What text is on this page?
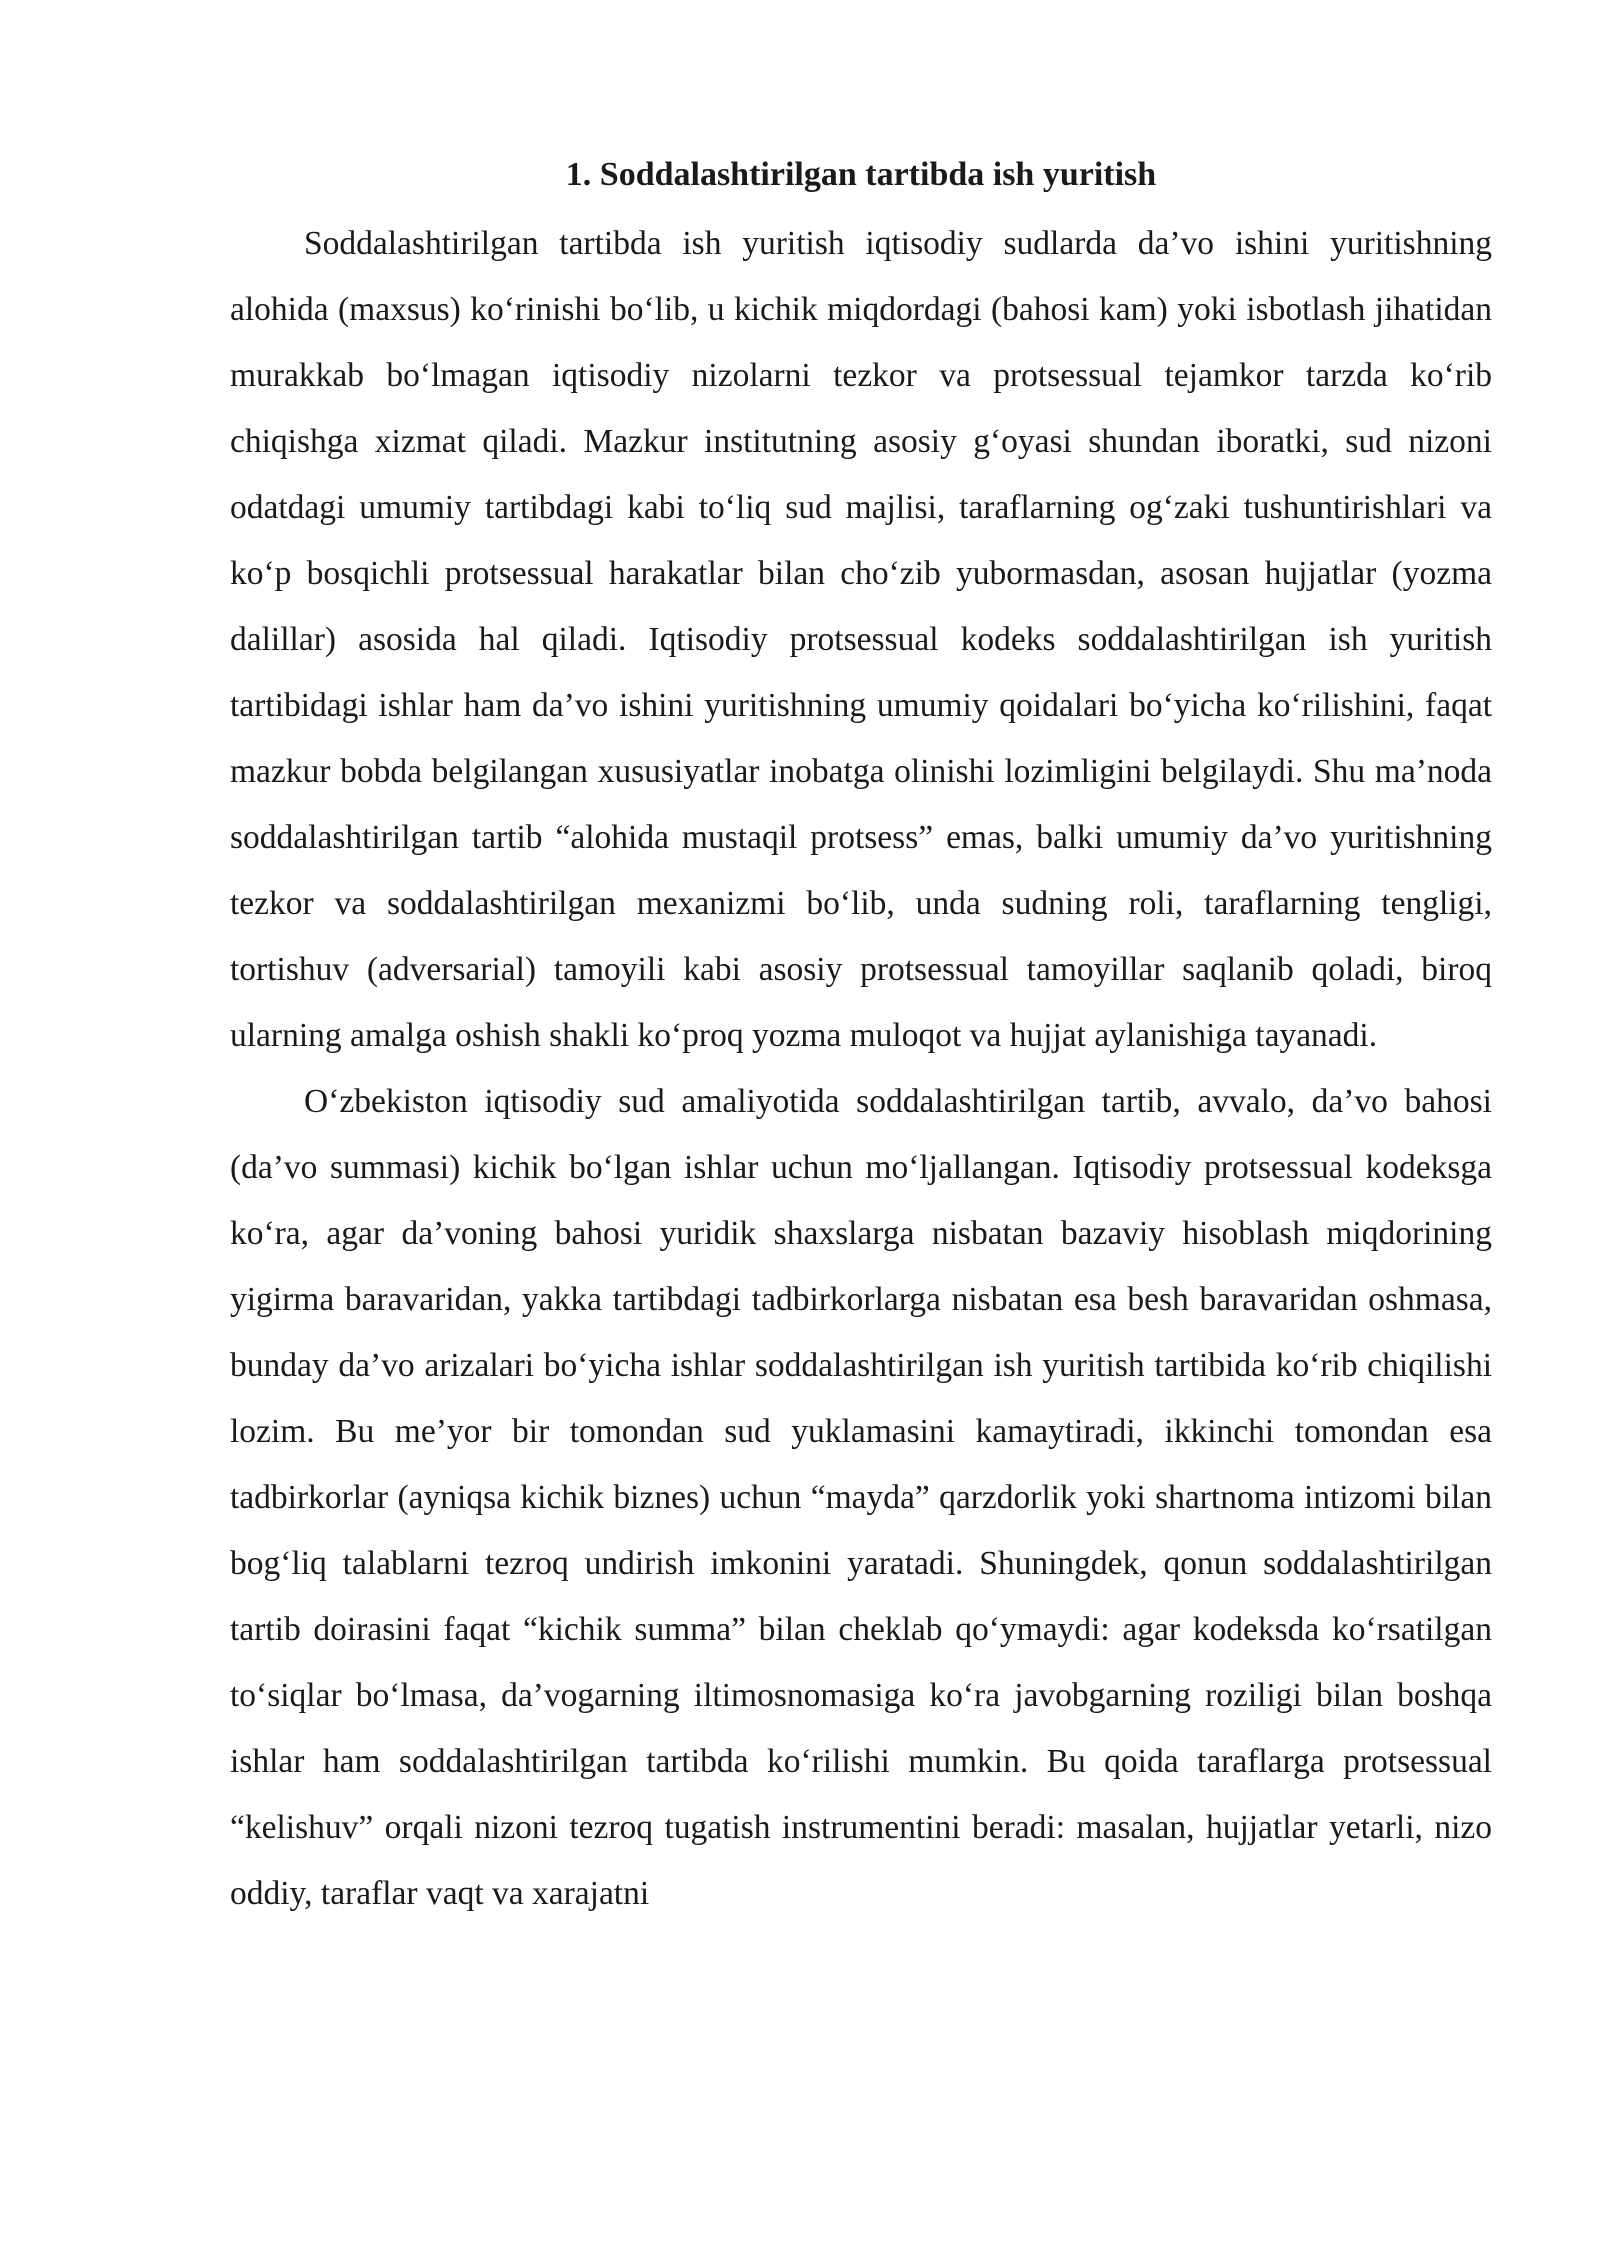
1. Soddalashtirilgan tartibda ish yuritish

Soddalashtirilgan tartibda ish yuritish iqtisodiy sudlarda da’vo ishini yuritishning alohida (maxsus) ko‘rinishi bo‘lib, u kichik miqdordagi (bahosi kam) yoki isbotlash jihatidan murakkab bo‘lmagan iqtisodiy nizolarni tezkor va protsessual tejamkor tarzda ko‘rib chiqishga xizmat qiladi. Mazkur institutning asosiy g‘oyasi shundan iboratki, sud nizoni odatdagi umumiy tartibdagi kabi to‘liq sud majlisi, taraflarning og‘zaki tushuntirishlari va ko‘p bosqichli protsessual harakatlar bilan cho‘zib yubormasdan, asosan hujjatlar (yozma dalillar) asosida hal qiladi. Iqtisodiy protsessual kodeks soddalashtirilgan ish yuritish tartibidagi ishlar ham da’vo ishini yuritishning umumiy qoidalari bo‘yicha ko‘rilishini, faqat mazkur bobda belgilangan xususiyatlar inobatga olinishi lozimligini belgilaydi. Shu ma’noda soddalashtirilgan tartib “alohida mustaqil protsess” emas, balki umumiy da’vo yuritishning tezkor va soddalashtirilgan mexanizmi bo‘lib, unda sudning roli, taraflarning tengligi, tortishuv (adversarial) tamoyili kabi asosiy protsessual tamoyillar saqlanib qoladi, biroq ularning amalga oshish shakli ko‘proq yozma muloqot va hujjat aylanishiga tayanadi.

O‘zbekiston iqtisodiy sud amaliyotida soddalashtirilgan tartib, avvalo, da’vo bahosi (da’vo summasi) kichik bo‘lgan ishlar uchun mo‘ljallangan. Iqtisodiy protsessual kodeksga ko‘ra, agar da’voning bahosi yuridik shaxslarga nisbatan bazaviy hisoblash miqdorining yigirma baravaridan, yakka tartibdagi tadbirkorlarga nisbatan esa besh baravaridan oshmasa, bunday da’vo arizalari bo‘yicha ishlar soddalashtirilgan ish yuritish tartibida ko‘rib chiqilishi lozim. Bu me’yor bir tomondan sud yuklamasini kamaytiradi, ikkinchi tomondan esa tadbirkorlar (ayniqsa kichik biznes) uchun “mayda” qarzdorlik yoki shartnoma intizomi bilan bog‘liq talablarni tezroq undirish imkonini yaratadi. Shuningdek, qonun soddalashtirilgan tartib doirasini faqat “kichik summa” bilan cheklab qo‘ymaydi: agar kodeksda ko‘rsatilgan to‘siqlar bo‘lmasa, da’vogarning iltimosnomasiga ko‘ra javobgarning roziligi bilan boshqa ishlar ham soddalashtirilgan tartibda ko‘rilishi mumkin. Bu qoida taraflarga protsessual “kelishuv” orqali nizoni tezroq tugatish instrumentini beradi: masalan, hujjatlar yetarli, nizo oddiy, taraflar vaqt va xarajatni
